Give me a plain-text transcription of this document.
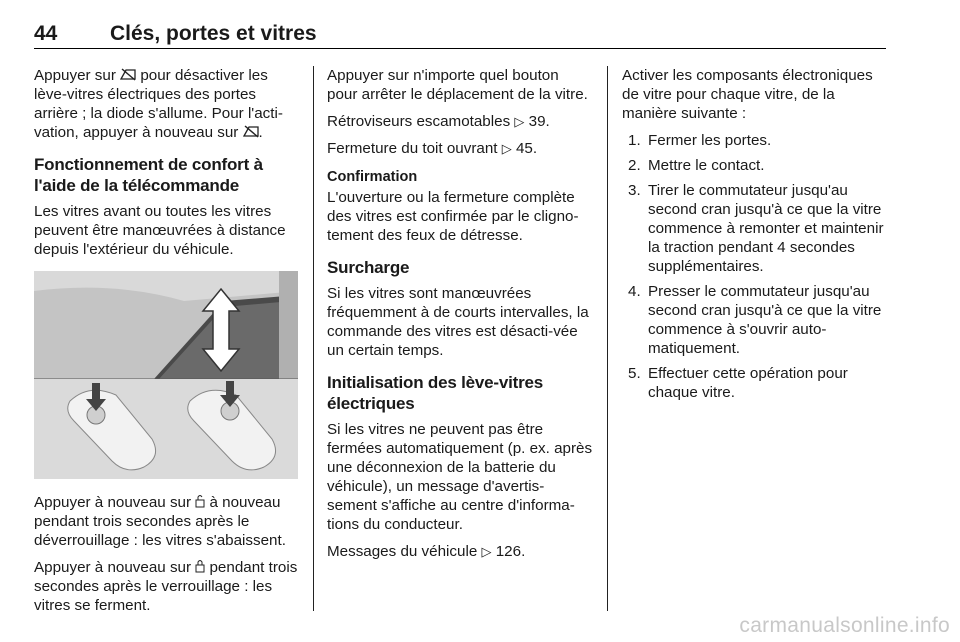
44	Clés, portes et vitres

Appuyer sur  pour désactiver les lève-vitres électriques des portes arrière ; la diode s'allume. Pour l'acti-vation, appuyer à nouveau sur .

Fonctionnement de confort à l'aide de la télécommande

Les vitres avant ou toutes les vitres peuvent être manœuvrées à distance depuis l'extérieur du véhicule.

Appuyer à nouveau sur  à nouveau pendant trois secondes après le déverrouillage : les vitres s'abaissent.

Appuyer à nouveau sur  pendant trois secondes après le verrouillage : les vitres se ferment.

Appuyer sur n'importe quel bouton pour arrêter le déplacement de la vitre.

Rétroviseurs escamotables ▷ 39.

Fermeture du toit ouvrant ▷ 45.

Confirmation

L'ouverture ou la fermeture complète des vitres est confirmée par le cligno-tement des feux de détresse.

Surcharge

Si les vitres sont manœuvrées fréquemment à de courts intervalles, la commande des vitres est désacti-vée un certain temps.

Initialisation des lève-vitres électriques

Si les vitres ne peuvent pas être fermées automatiquement (p. ex. après une déconnexion de la batterie du véhicule), un message d'avertis-sement s'affiche au centre d'informa-tions du conducteur.

Messages du véhicule ▷ 126.

Activer les composants électroniques de vitre pour chaque vitre, de la manière suivante :

1. Fermer les portes.
2. Mettre le contact.
3. Tirer le commutateur jusqu'au second cran jusqu'à ce que la vitre commence à remonter et maintenir la traction pendant 4 secondes supplémentaires.
4. Presser le commutateur jusqu'au second cran jusqu'à ce que la vitre commence à s'ouvrir auto-matiquement.
5. Effectuer cette opération pour chaque vitre.
carmanualsonline.info
